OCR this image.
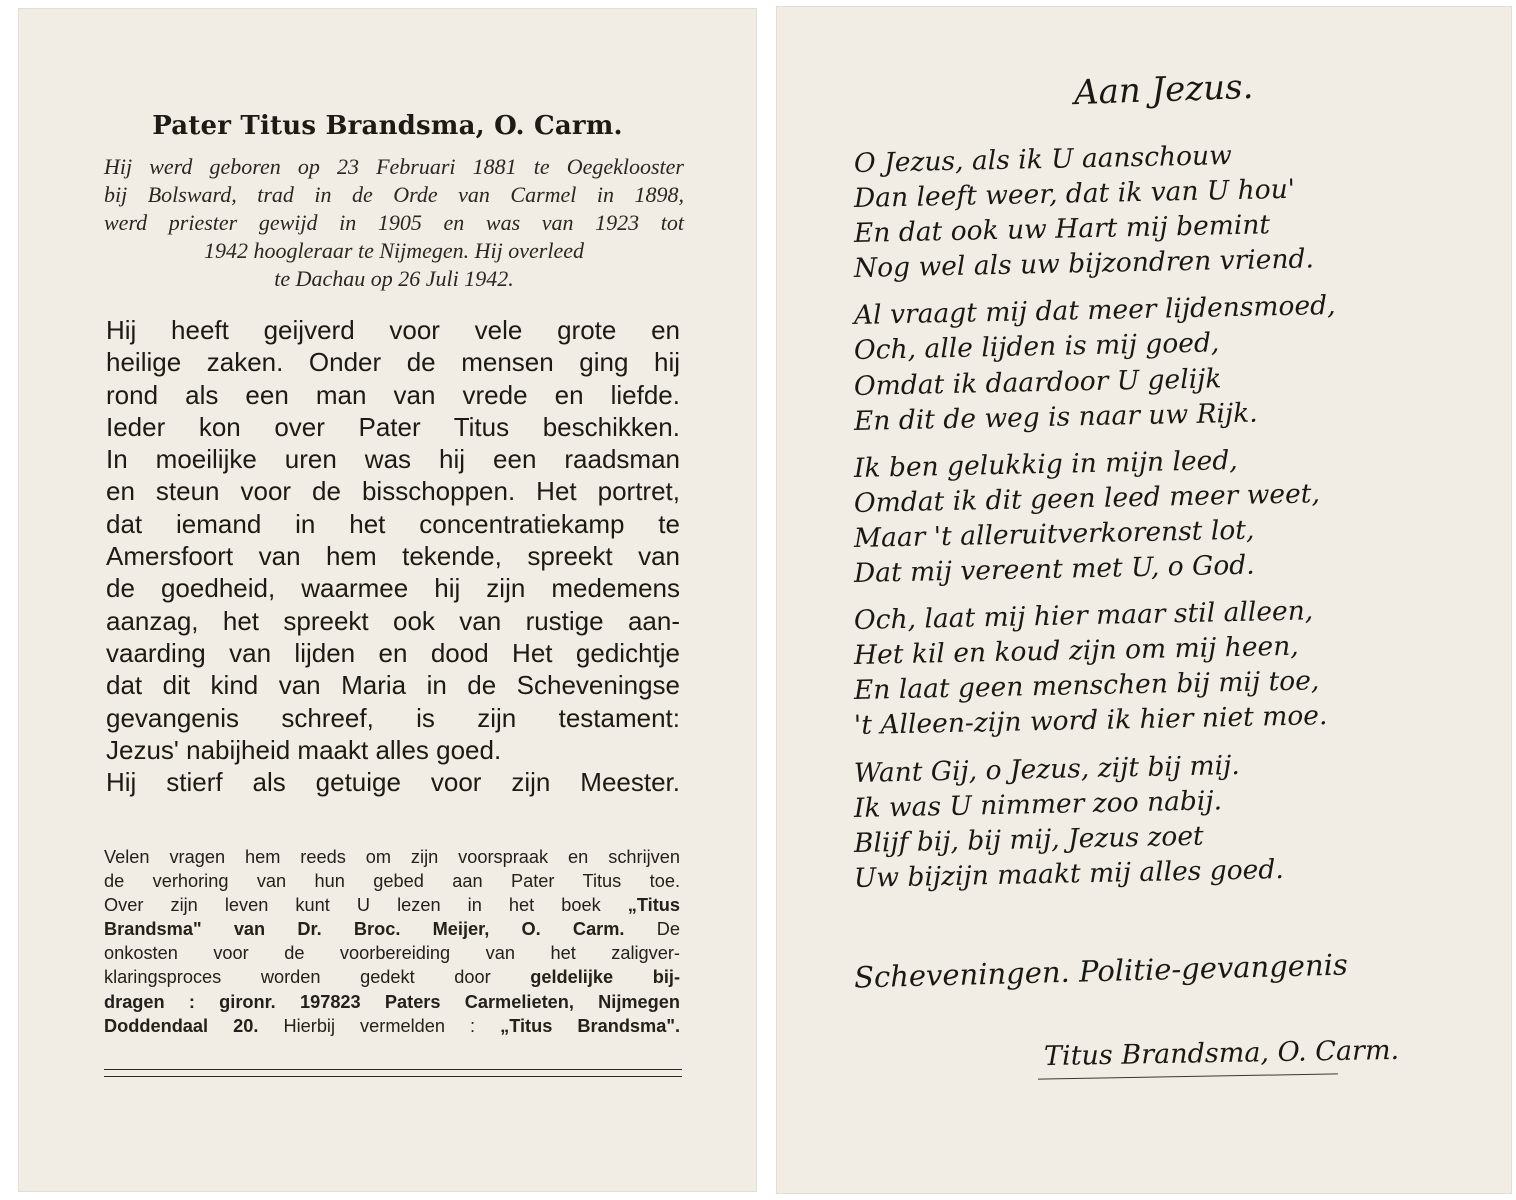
Pater Titus Brandsma, O. Carm.
Hij werd geboren op 23 Februari 1881 te Oegeklooster
bij Bolsward, trad in de Orde van Carmel in 1898,
werd priester gewijd in 1905 en was van 1923 tot
1942 hoogleraar te Nijmegen. Hij overleed
te Dachau op 26 Juli 1942.
Hij heeft geijverd voor vele grote en
heilige zaken. Onder de mensen ging hij
rond als een man van vrede en liefde.
Ieder kon over Pater Titus beschikken.
In moeilijke uren was hij een raadsman
en steun voor de bisschoppen. Het portret,
dat iemand in het concentratiekamp te
Amersfoort van hem tekende, spreekt van
de goedheid, waarmee hij zijn medemens
aanzag, het spreekt ook van rustige aan-
vaarding van lijden en dood Het gedichtje
dat dit kind van Maria in de Scheveningse
gevangenis schreef, is zijn testament:
Jezus' nabijheid maakt alles goed.
Hij stierf als getuige voor zijn Meester.
Velen vragen hem reeds om zijn voorspraak en schrijven
de verhoring van hun gebed aan Pater Titus toe.
Over zijn leven kunt U lezen in het boek „Titus
Brandsma" van Dr. Broc. Meijer, O. Carm. De
onkosten voor de voorbereiding van het zaligver-
klaringsproces worden gedekt door geldelijke bij-
dragen : gironr. 197823 Paters Carmelieten, Nijmegen
Doddendaal 20. Hierbij vermelden : „Titus Brandsma".
Aan Jezus.
O Jezus, als ik U aanschouw
Dan leeft weer, dat ik van U hou'
En dat ook uw Hart mij bemint
Nog wel als uw bijzondren vriend.
Al vraagt mij dat meer lijdensmoed,
Och, alle lijden is mij goed,
Omdat ik daardoor U gelijk
En dit de weg is naar uw Rijk.
Ik ben gelukkig in mijn leed,
Omdat ik dit geen leed meer weet,
Maar 't alleruitverkorenst lot,
Dat mij vereent met U, o God.
Och, laat mij hier maar stil alleen,
Het kil en koud zijn om mij heen,
En laat geen menschen bij mij toe,
't Alleen-zijn word ik hier niet moe.
Want Gij, o Jezus, zijt bij mij.
Ik was U nimmer zoo nabij.
Blijf bij, bij mij, Jezus zoet
Uw bijzijn maakt mij alles goed.
Scheveningen. Politie-gevangenis
Titus Brandsma, O. Carm.
